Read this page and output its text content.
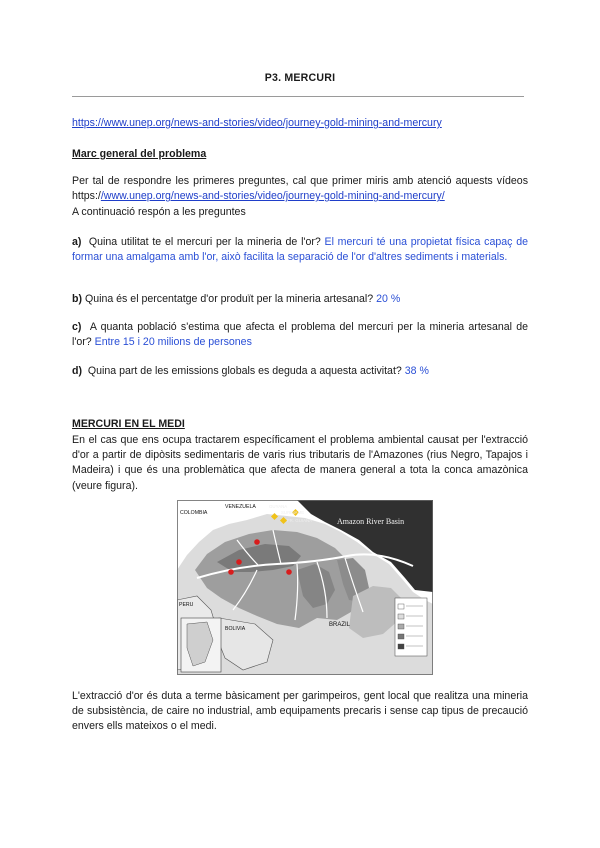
P3. MERCURI
https://www.unep.org/news-and-stories/video/journey-gold-mining-and-mercury
Marc general del problema
Per tal de respondre les primeres preguntes, cal que primer miris amb atenció aquests vídeos https://www.unep.org/news-and-stories/video/journey-gold-mining-and-mercury/
A continuació respón a les preguntes
a) Quina utilitat te el mercuri per la mineria de l'or? El mercuri té una propietat física capaç de formar una amalgama amb l'or, això facilita la separació de l'or d'altres sediments i materials.
b) Quina és el percentatge d'or produït per la mineria artesanal? 20 %
c) A quanta població s'estima que afecta el problema del mercuri per la mineria artesanal de l'or? Entre 15 i 20 milions de persones
d) Quina part de les emissions globals es deguda a aquesta activitat? 38 %
MERCURI EN EL MEDI
En el cas que ens ocupa tractarem específicament el problema ambiental causat per l'extracció d'or a partir de dipòsits sedimentaris de varis rius tributaris de l'Amazones (rius Negro, Tapajos i Madeira) i que és una problemàtica que afecta de manera general a tota la conca amazònica (veure figura).
COLOMBIA
VENEZUELA	GUYANA
SURINAME
FR. GUIANA	Amazon River Basin
PERU
BOLIVIA
BRAZIL
L'extracció d'or és duta a terme bàsicament per garimpeiros, gent local que realitza una mineria de subsistència, de caire no industrial, amb equipaments precaris i sense cap tipus de precaució envers ells mateixos o el medi.
